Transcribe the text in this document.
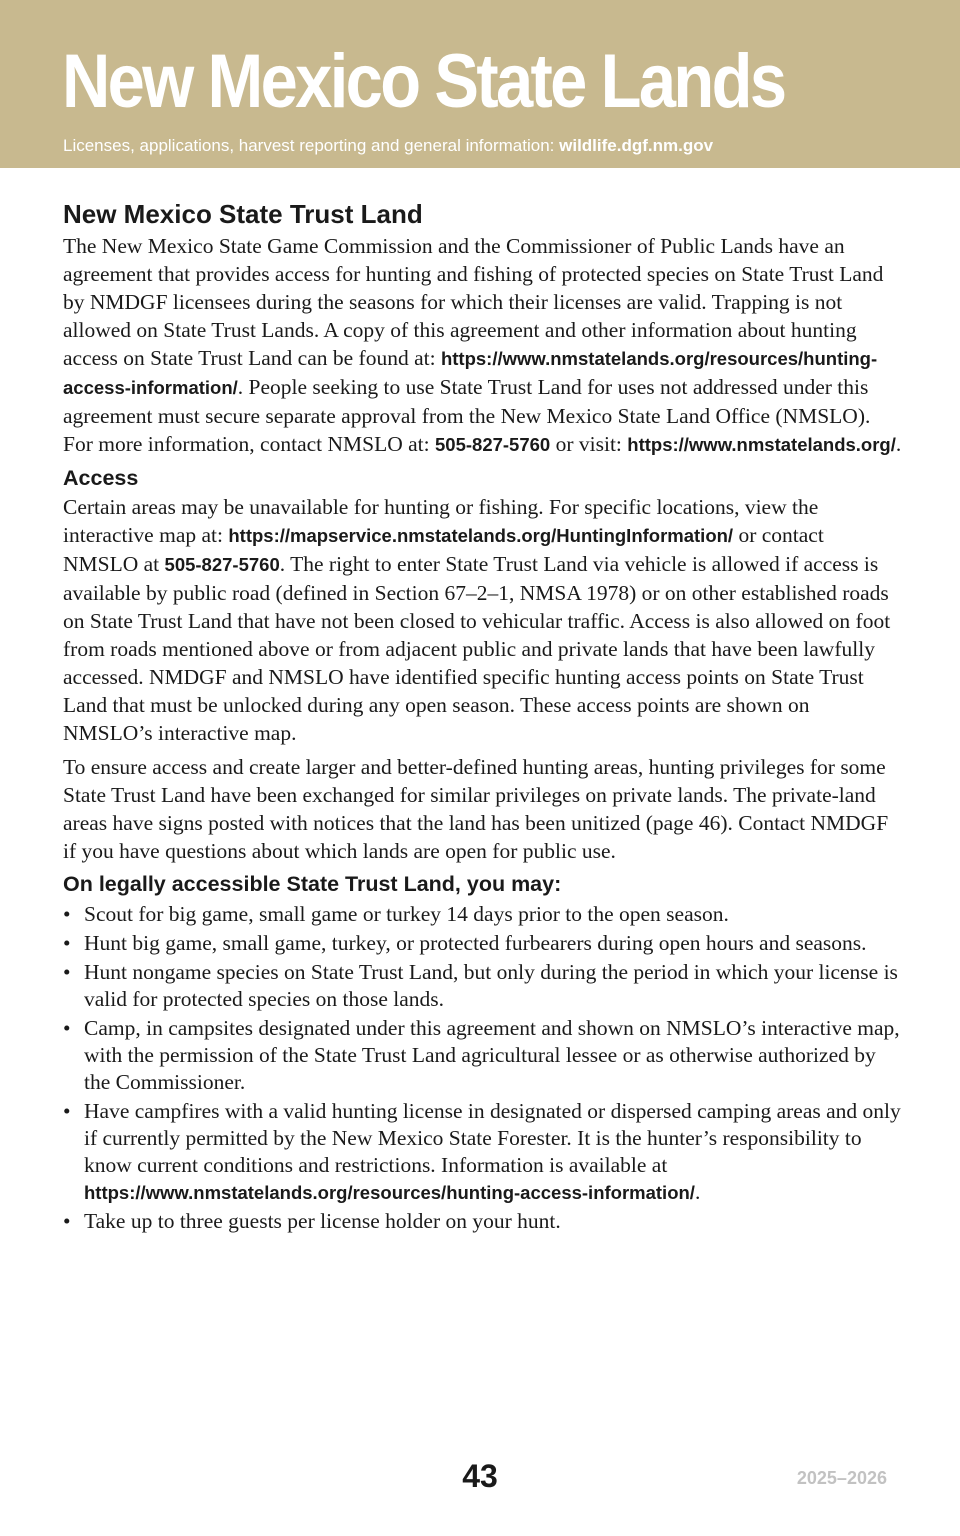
New Mexico State Lands
Licenses, applications, harvest reporting and general information: wildlife.dgf.nm.gov
New Mexico State Trust Land

The New Mexico State Game Commission and the Commissioner of Public Lands have an agreement that provides access for hunting and fishing of protected species on State Trust Land by NMDGF licensees during the seasons for which their licenses are valid. Trapping is not allowed on State Trust Lands. A copy of this agreement and other information about hunting access on State Trust Land can be found at: https://www.nmstatelands.org/resources/hunting-access-information/. People seeking to use State Trust Land for uses not addressed under this agreement must secure separate approval from the New Mexico State Land Office (NMSLO). For more information, contact NMSLO at: 505-827-5760 or visit: https://www.nmstatelands.org/.

Access

Certain areas may be unavailable for hunting or fishing. For specific locations, view the interactive map at: https://mapservice.nmstatelands.org/HuntingInformation/ or contact NMSLO at 505-827-5760. The right to enter State Trust Land via vehicle is allowed if access is available by public road (defined in Section 67–2–1, NMSA 1978) or on other established roads on State Trust Land that have not been closed to vehicular traffic. Access is also allowed on foot from roads mentioned above or from adjacent public and private lands that have been lawfully accessed. NMDGF and NMSLO have identified specific hunting access points on State Trust Land that must be unlocked during any open season. These access points are shown on NMSLO’s interactive map.

To ensure access and create larger and better-defined hunting areas, hunting privileges for some State Trust Land have been exchanged for similar privileges on private lands. The private-land areas have signs posted with notices that the land has been unitized (page 46). Contact NMDGF if you have questions about which lands are open for public use.

On legally accessible State Trust Land, you may:
• Scout for big game, small game or turkey 14 days prior to the open season.
• Hunt big game, small game, turkey, or protected furbearers during open hours and seasons.
• Hunt nongame species on State Trust Land, but only during the period in which your license is valid for protected species on those lands.
• Camp, in campsites designated under this agreement and shown on NMSLO’s interactive map, with the permission of the State Trust Land agricultural lessee or as otherwise authorized by the Commissioner.
• Have campfires with a valid hunting license in designated or dispersed camping areas and only if currently permitted by the New Mexico State Forester. It is the hunter’s responsibility to know current conditions and restrictions. Information is available at https://www.nmstatelands.org/resources/hunting-access-information/.
• Take up to three guests per license holder on your hunt.
43	2025–2026
